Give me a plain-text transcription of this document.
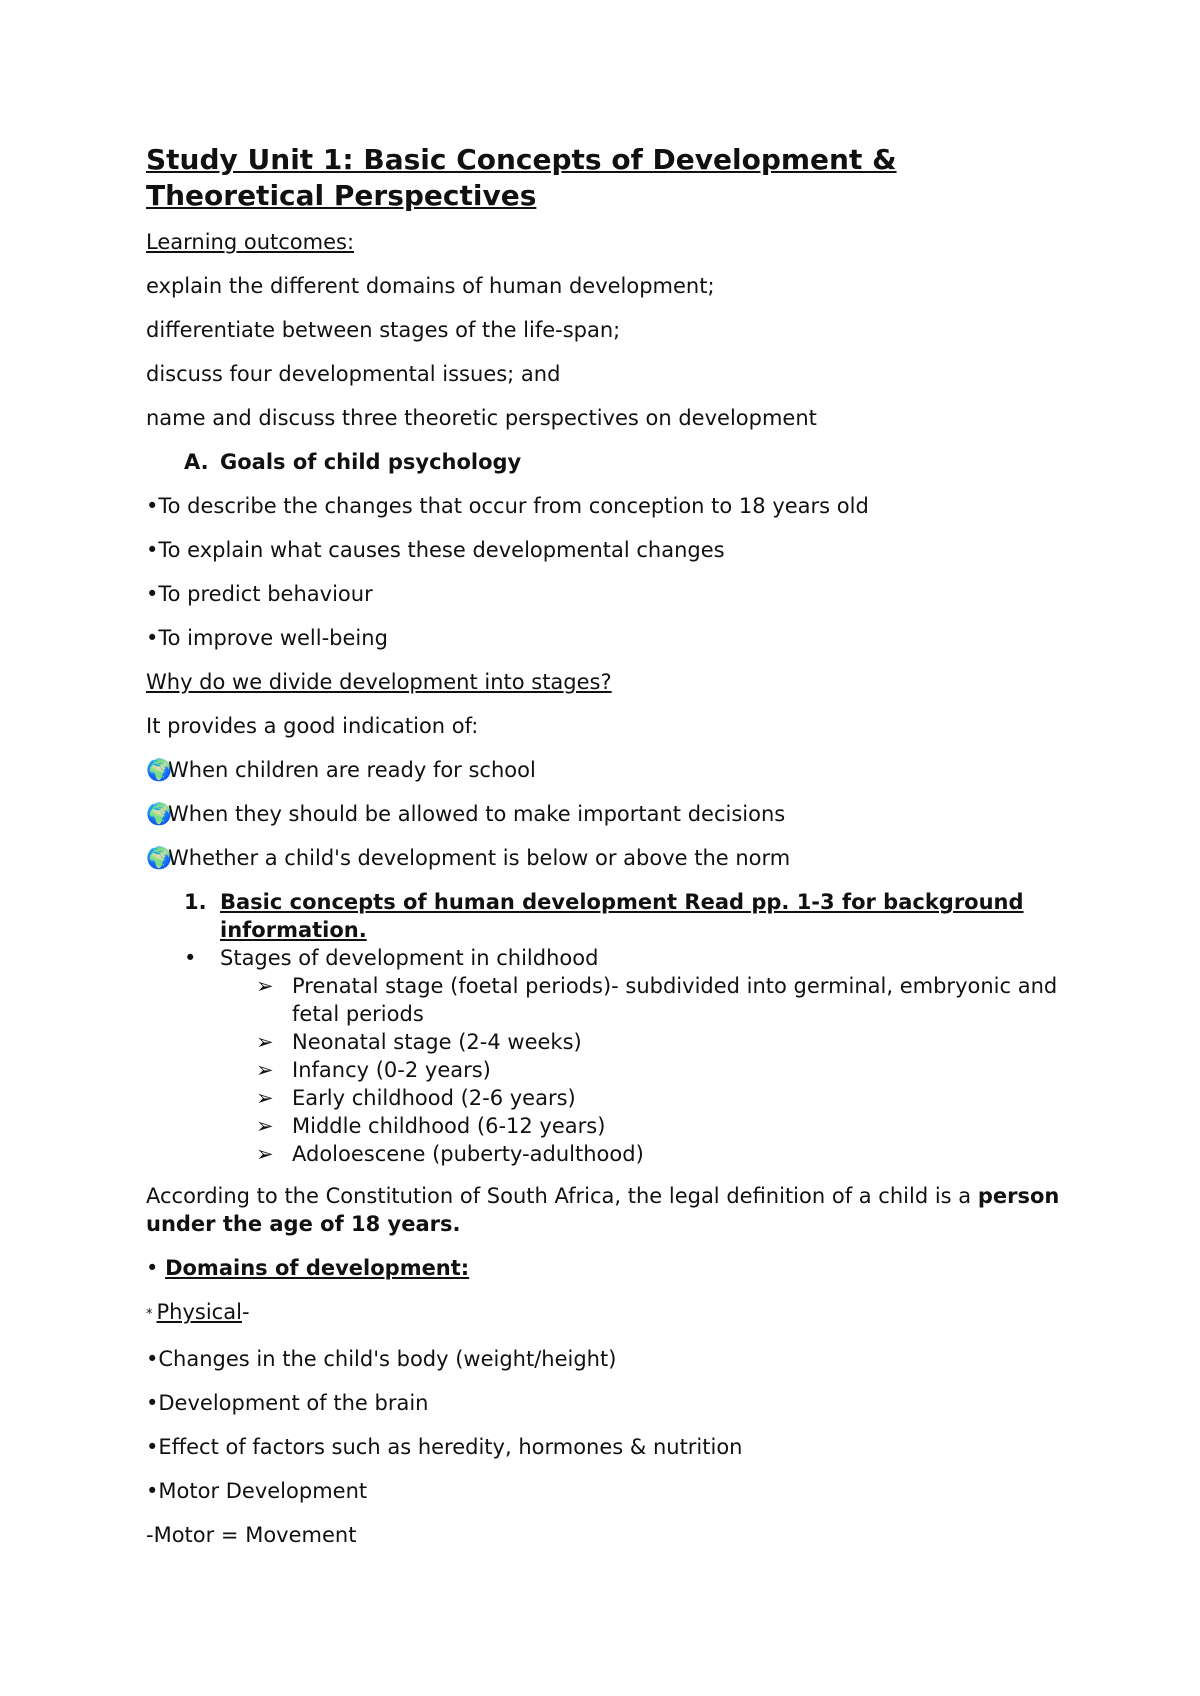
Study Unit 1: Basic Concepts of Development & Theoretical Perspectives

Learning outcomes:

explain the different domains of human development;

differentiate between stages of the life-span;

discuss four developmental issues; and

name and discuss three theoretic perspectives on development

A. Goals of child psychology

•To describe the changes that occur from conception to 18 years old

•To explain what causes these developmental changes

•To predict behaviour

•To improve well-being

Why do we divide development into stages?

It provides a good indication of:

🌍When children are ready for school

🌍When they should be allowed to make important decisions

🌍Whether a child's development is below or above the norm

1. Basic concepts of human development Read pp. 1-3 for background information.
•	Stages of development in childhood
➢ Prenatal stage (foetal periods)- subdivided into germinal, embryonic and fetal periods
➢ Neonatal stage (2-4 weeks)
➢ Infancy (0-2 years)
➢ Early childhood (2-6 years)
➢ Middle childhood (6-12 years)
➢ Adoloescene (puberty-adulthood)

According to the Constitution of South Africa, the legal definition of a child is a person under the age of 18 years.

• Domains of development:

* Physical-

•Changes in the child's body (weight/height)

•Development of the brain

•Effect of factors such as heredity, hormones & nutrition

•Motor Development

-Motor = Movement
